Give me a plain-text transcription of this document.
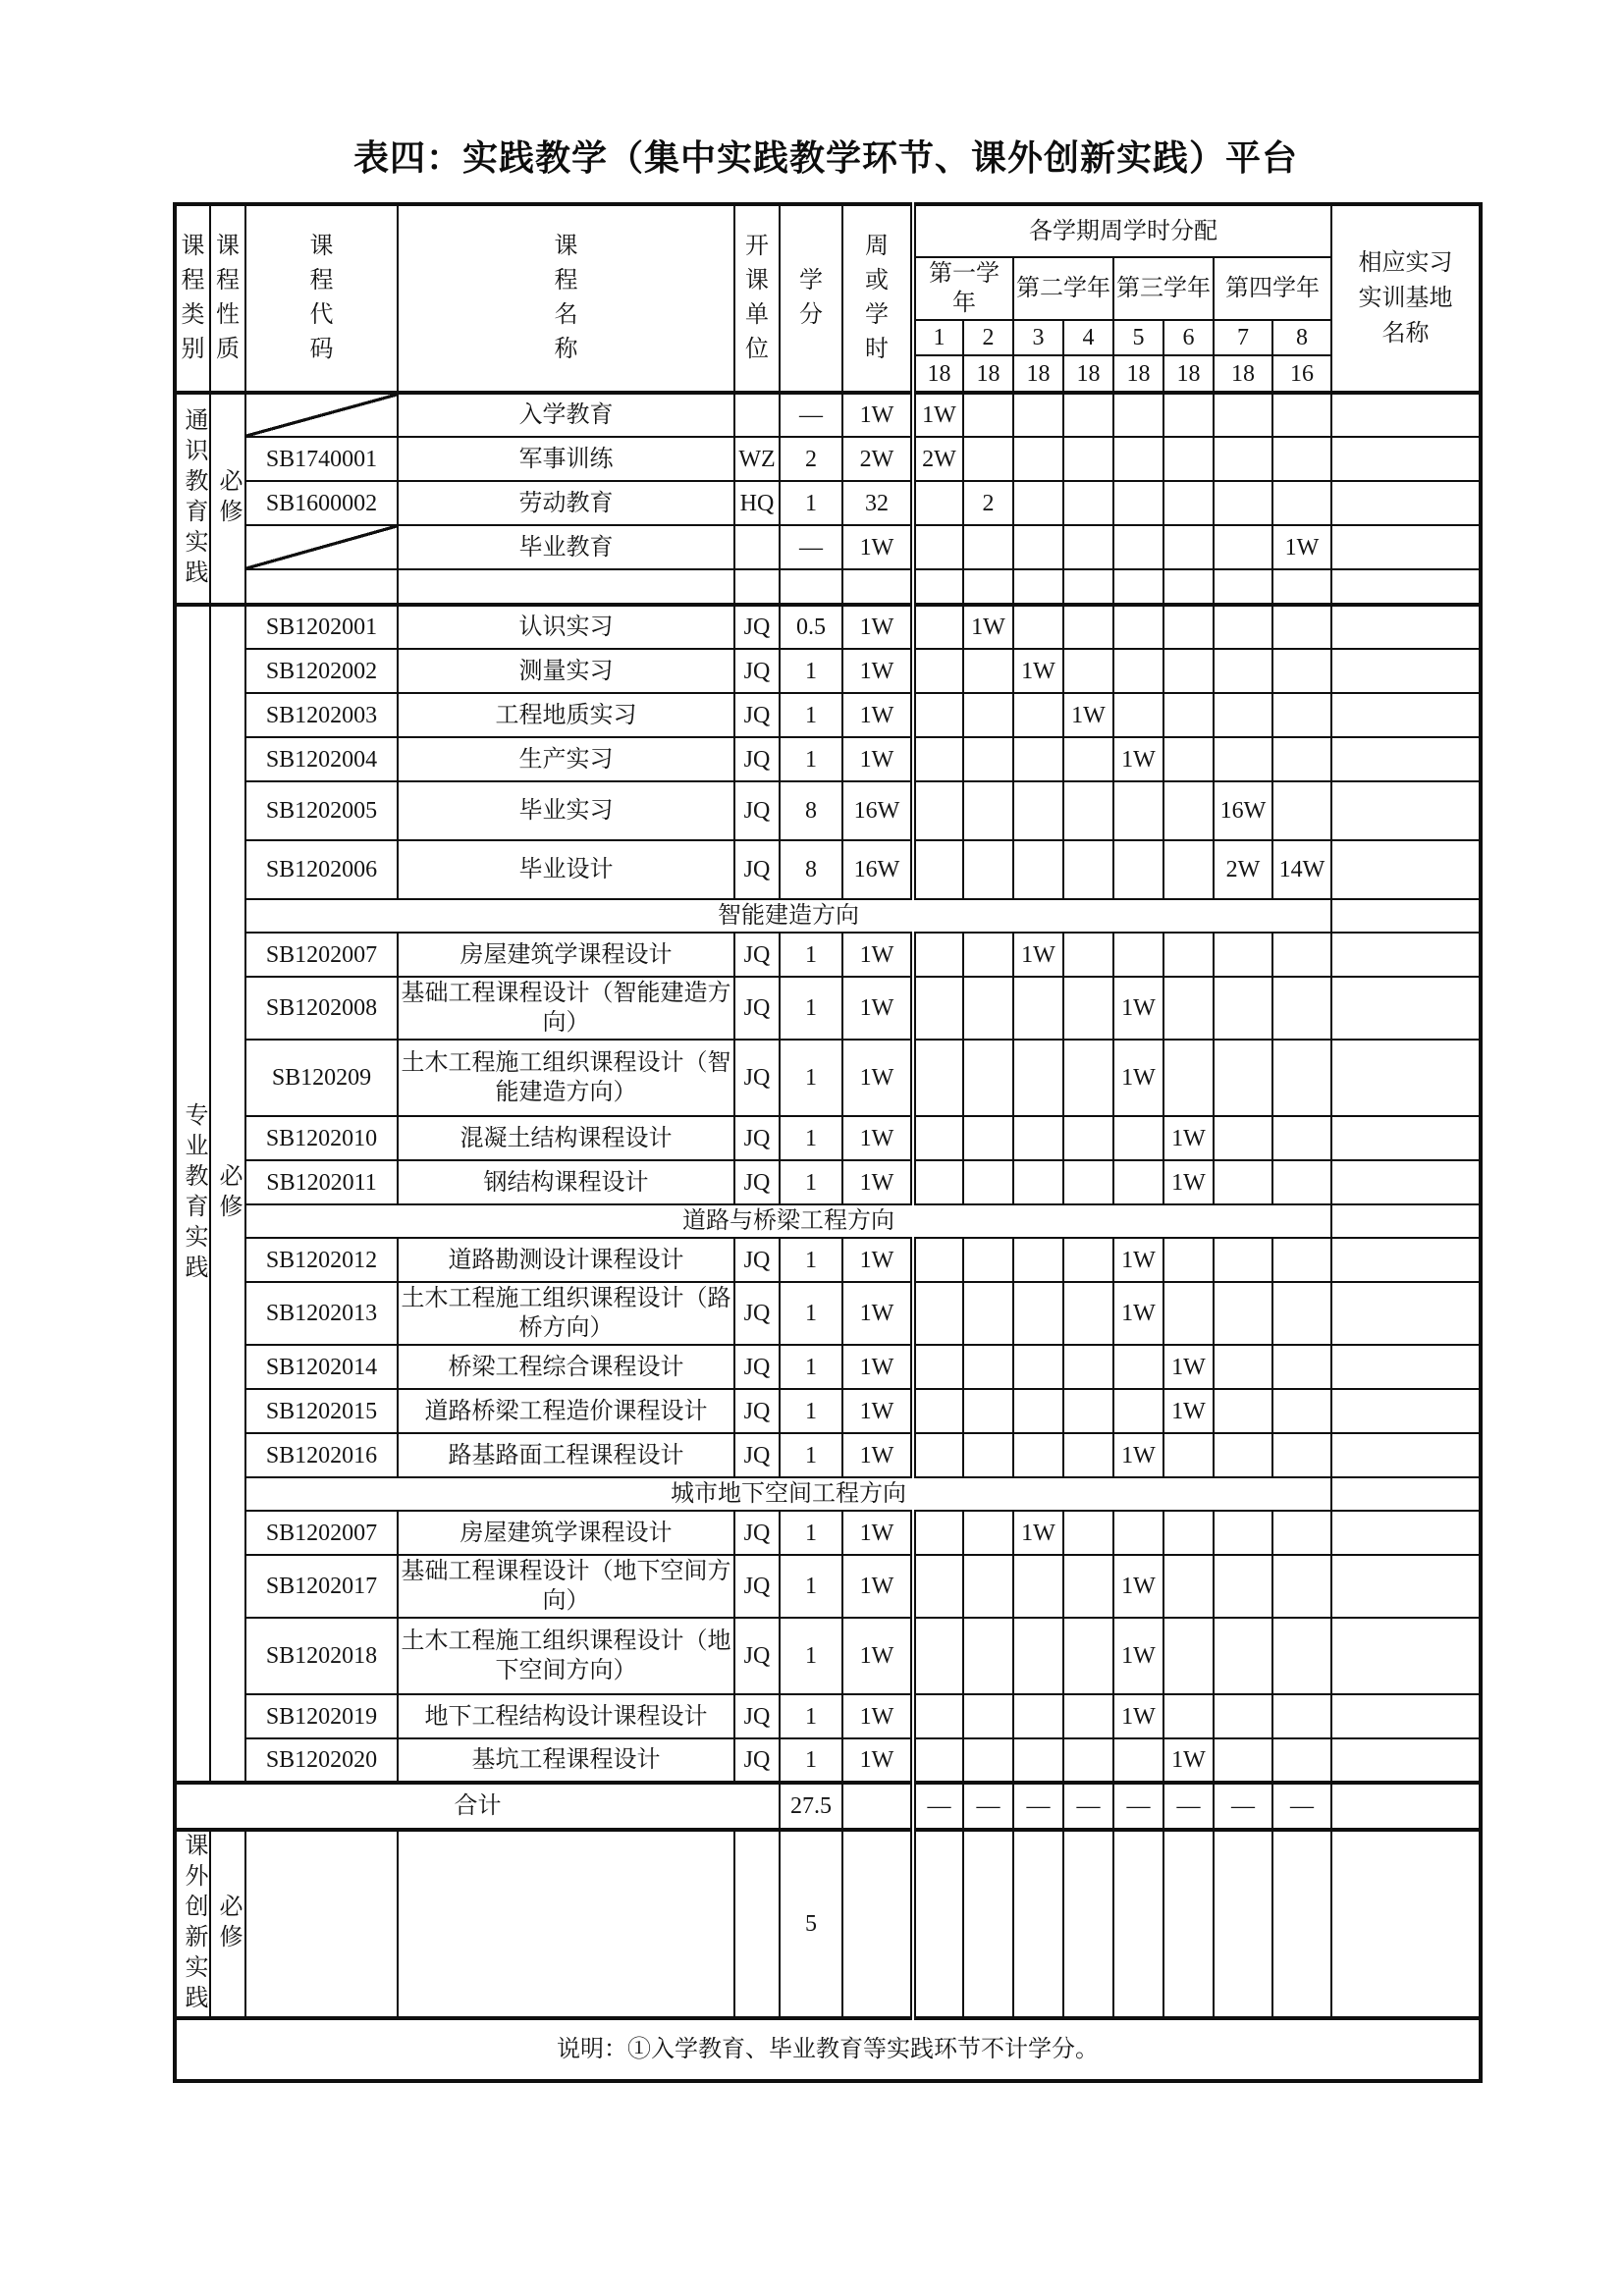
表四：实践教学（集中实践教学环节、课外创新实践）平台
课程类别	课程性质	课程代码	课程名称	开课单位	学分	周或学时	各学期周学时分配								相应实习实训基地名称
							第一学年		第二学年		第三学年		第四学年		
							1	2	3	4	5	6	7	8	
							18	18	18	18	18	18	18	16	
通识教育实践	必修		入学教育		—	1W	1W								
		SB1740001	军事训练	WZ	2	2W	2W								
		SB1600002	劳动教育	HQ	1	32		2							
			毕业教育		—	1W								1W	

专业教育实践	必修	SB1202001	认识实习	JQ	0.5	1W		1W							
		SB1202002	测量实习	JQ	1	1W			1W						
		SB1202003	工程地质实习	JQ	1	1W				1W					
		SB1202004	生产实习	JQ	1	1W					1W				
		SB1202005	毕业实习	JQ	8	16W							16W		
		SB1202006	毕业设计	JQ	8	16W							2W	14W	
		智能建造方向													
		SB1202007	房屋建筑学课程设计	JQ	1	1W			1W						
		SB1202008	基础工程课程设计（智能建造方向）	JQ	1	1W					1W				
		SB120209	土木工程施工组织课程设计（智能建造方向）	JQ	1	1W					1W				
		SB1202010	混凝土结构课程设计	JQ	1	1W						1W			
		SB1202011	钢结构课程设计	JQ	1	1W						1W			
		道路与桥梁工程方向													
		SB1202012	道路勘测设计课程设计	JQ	1	1W					1W				
		SB1202013	土木工程施工组织课程设计（路桥方向）	JQ	1	1W					1W				
		SB1202014	桥梁工程综合课程设计	JQ	1	1W						1W			
		SB1202015	道路桥梁工程造价课程设计	JQ	1	1W						1W			
		SB1202016	路基路面工程课程设计	JQ	1	1W					1W				
		城市地下空间工程方向													
		SB1202007	房屋建筑学课程设计	JQ	1	1W			1W						
		SB1202017	基础工程课程设计（地下空间方向）	JQ	1	1W					1W				
		SB1202018	土木工程施工组织课程设计（地下空间方向）	JQ	1	1W					1W				
		SB1202019	地下工程结构设计课程设计	JQ	1	1W					1W				
		SB1202020	基坑工程课程设计	JQ	1	1W						1W			
合计					27.5		—	—	—	—	—	—	—	—	
课外创新实践	必修				5										
说明：①入学教育、毕业教育等实践环节不计学分。															
